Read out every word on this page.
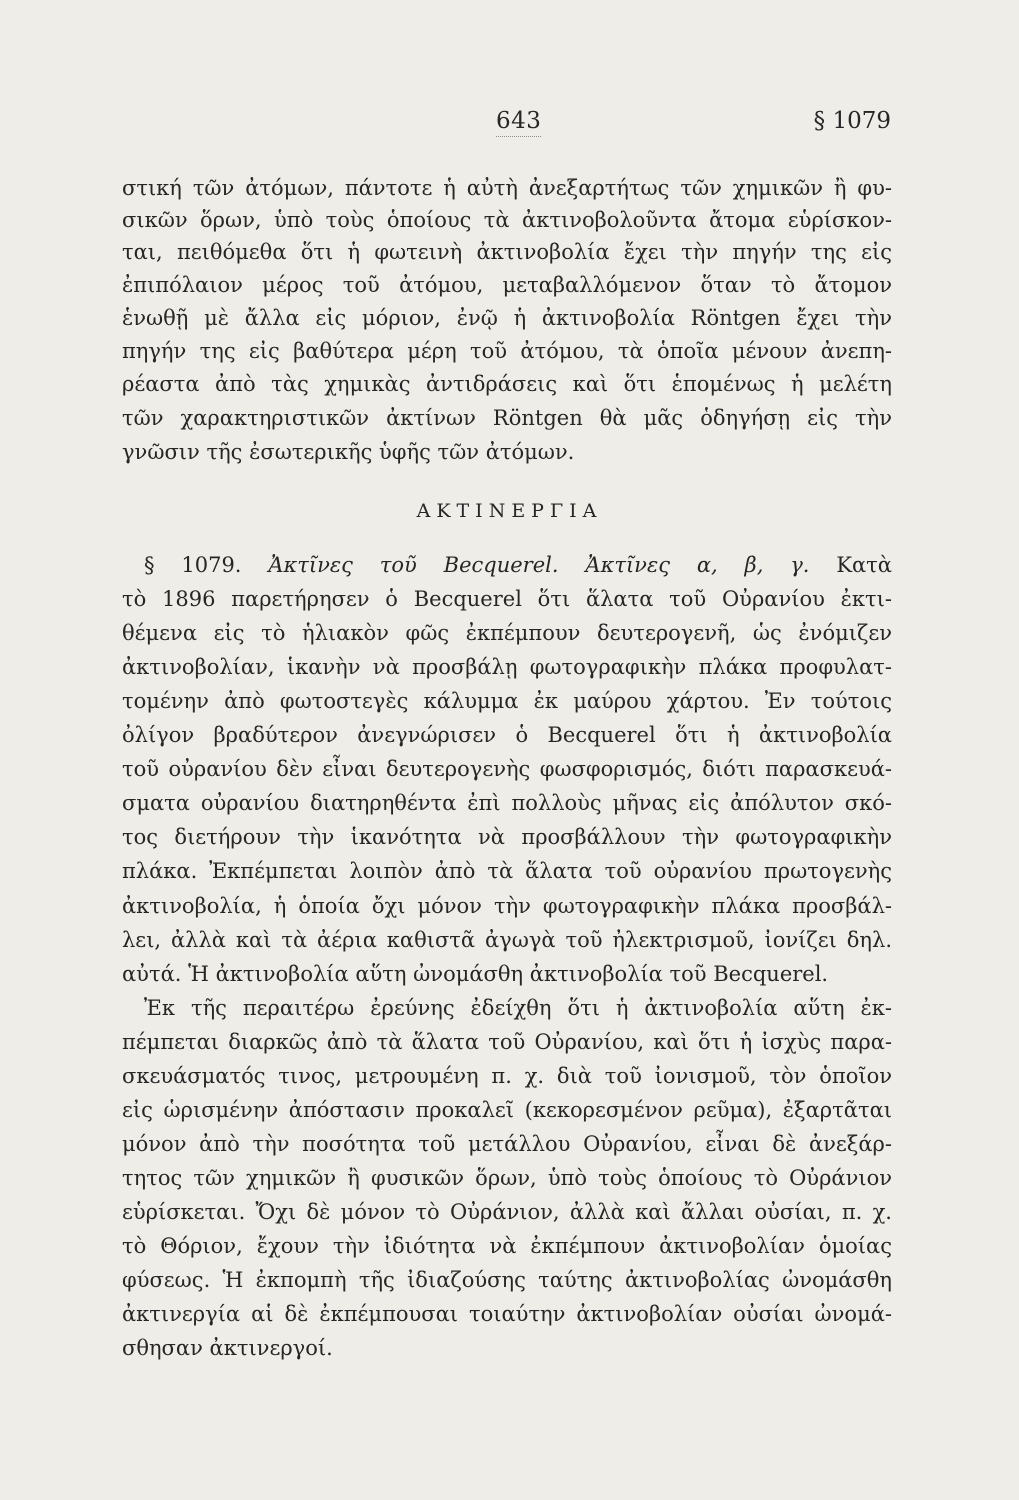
643	§ 1079
στική τῶν ἀτόμων, πάντοτε ἡ αὐτὴ ἀνεξαρτήτως τῶν χημικῶν ἢ φυ-
σικῶν ὅρων, ὑπὸ τοὺς ὁποίους τὰ ἀκτινοβολοῦντα ἄτομα εὑρίσκον-
ται, πειθόμεθα ὅτι ἡ φωτεινὴ ἀκτινοβολία ἔχει τὴν πηγήν της εἰς
ἐπιπόλαιον μέρος τοῦ ἀτόμου, μεταβαλλόμενον ὅταν τὸ ἄτομον
ἑνωθῇ μὲ ἄλλα εἰς μόριον, ἐνῷ ἡ ἀκτινοβολία Röntgen ἔχει τὴν
πηγήν της εἰς βαθύτερα μέρη τοῦ ἀτόμου, τὰ ὁποῖα μένουν ἀνεπη-
ρέαστα ἀπὸ τὰς χημικὰς ἀντιδράσεις καὶ ὅτι ἑπομένως ἡ μελέτη
τῶν χαρακτηριστικῶν ἀκτίνων Röntgen θὰ μᾶς ὁδηγήσῃ εἰς τὴν
γνῶσιν τῆς ἐσωτερικῆς ὑφῆς τῶν ἀτόμων.
ΑΚΤΙΝΕΡΓΙΑ
§ 1079. Ἀκτῖνες τοῦ Becquerel. Ἀκτῖνες α, β, γ. Κατὰ
τὸ 1896 παρετήρησεν ὁ Becquerel ὅτι ἅλατα τοῦ Οὐρανίου ἐκτι-
θέμενα εἰς τὸ ἡλιακὸν φῶς ἐκπέμπουν δευτερογενῆ, ὡς ἐνόμιζεν
ἀκτινοβολίαν, ἱκανὴν νὰ προσβάλῃ φωτογραφικὴν πλάκα προφυλατ-
τομένην ἀπὸ φωτοστεγὲς κάλυμμα ἐκ μαύρου χάρτου. Ἐν τούτοις
ὀλίγον βραδύτερον ἀνεγνώρισεν ὁ Becquerel ὅτι ἡ ἀκτινοβολία
τοῦ οὐρανίου δὲν εἶναι δευτερογενὴς φωσφορισμός, διότι παρασκευά-
σματα οὐρανίου διατηρηθέντα ἐπὶ πολλοὺς μῆνας εἰς ἀπόλυτον σκό-
τος διετήρουν τὴν ἱκανότητα νὰ προσβάλλουν τὴν φωτογραφικὴν
πλάκα. Ἐκπέμπεται λοιπὸν ἀπὸ τὰ ἅλατα τοῦ οὐρανίου πρωτογενὴς
ἀκτινοβολία, ἡ ὁποία ὄχι μόνον τὴν φωτογραφικὴν πλάκα προσβάλ-
λει, ἀλλὰ καὶ τὰ ἀέρια καθιστᾶ ἀγωγὰ τοῦ ἠλεκτρισμοῦ, ἰονίζει δηλ.
αὐτά. Ἡ ἀκτινοβολία αὕτη ὠνομάσθη ἀκτινοβολία τοῦ Becquerel.
Ἐκ τῆς περαιτέρω ἐρεύνης ἐδείχθη ὅτι ἡ ἀκτινοβολία αὕτη ἐκ-
πέμπεται διαρκῶς ἀπὸ τὰ ἅλατα τοῦ Οὐρανίου, καὶ ὅτι ἡ ἰσχὺς παρα-
σκευάσματός τινος, μετρουμένη π. χ. διὰ τοῦ ἰονισμοῦ, τὸν ὁποῖον
εἰς ὡρισμένην ἀπόστασιν προκαλεῖ (κεκορεσμένον ρεῦμα), ἐξαρτᾶται
μόνον ἀπὸ τὴν ποσότητα τοῦ μετάλλου Οὐρανίου, εἶναι δὲ ἀνεξάρ-
τητος τῶν χημικῶν ἢ φυσικῶν ὅρων, ὑπὸ τοὺς ὁποίους τὸ Οὐράνιον
εὑρίσκεται. Ὄχι δὲ μόνον τὸ Οὐράνιον, ἀλλὰ καὶ ἄλλαι οὐσίαι, π. χ.
τὸ Θόριον, ἔχουν τὴν ἰδιότητα νὰ ἐκπέμπουν ἀκτινοβολίαν ὁμοίας
φύσεως. Ἡ ἐκπομπὴ τῆς ἰδιαζούσης ταύτης ἀκτινοβολίας ὠνομάσθη
ἀκτινεργία αἱ δὲ ἐκπέμπουσαι τοιαύτην ἀκτινοβολίαν οὐσίαι ὠνομά-
σθησαν ἀκτινεργοί.
